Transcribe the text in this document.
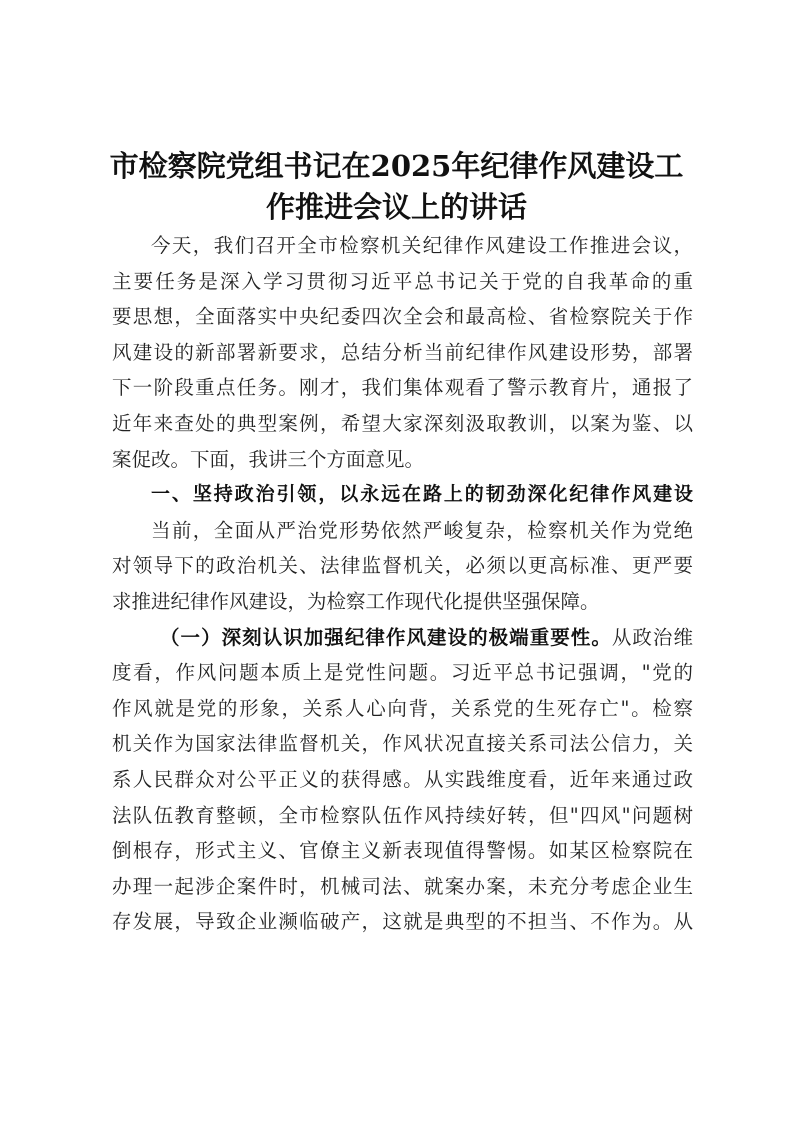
市检察院党组书记在2025年纪律作风建设工
作推进会议上的讲话
今天，我们召开全市检察机关纪律作风建设工作推进会议，
主要任务是深入学习贯彻习近平总书记关于党的自我革命的重
要思想，全面落实中央纪委四次全会和最高检、省检察院关于作
风建设的新部署新要求，总结分析当前纪律作风建设形势，部署
下一阶段重点任务。刚才，我们集体观看了警示教育片，通报了
近年来查处的典型案例，希望大家深刻汲取教训，以案为鉴、以
案促改。下面，我讲三个方面意见。
一、坚持政治引领，以永远在路上的韧劲深化纪律作风建设
当前，全面从严治党形势依然严峻复杂，检察机关作为党绝
对领导下的政治机关、法律监督机关，必须以更高标准、更严要
求推进纪律作风建设，为检察工作现代化提供坚强保障。
（一）深刻认识加强纪律作风建设的极端重要性。从政治维
度看，作风问题本质上是党性问题。习近平总书记强调，"党的
作风就是党的形象，关系人心向背，关系党的生死存亡"。检察
机关作为国家法律监督机关，作风状况直接关系司法公信力，关
系人民群众对公平正义的获得感。从实践维度看，近年来通过政
法队伍教育整顿，全市检察队伍作风持续好转，但"四风"问题树
倒根存，形式主义、官僚主义新表现值得警惕。如某区检察院在
办理一起涉企案件时，机械司法、就案办案，未充分考虑企业生
存发展，导致企业濒临破产，这就是典型的不担当、不作为。从
